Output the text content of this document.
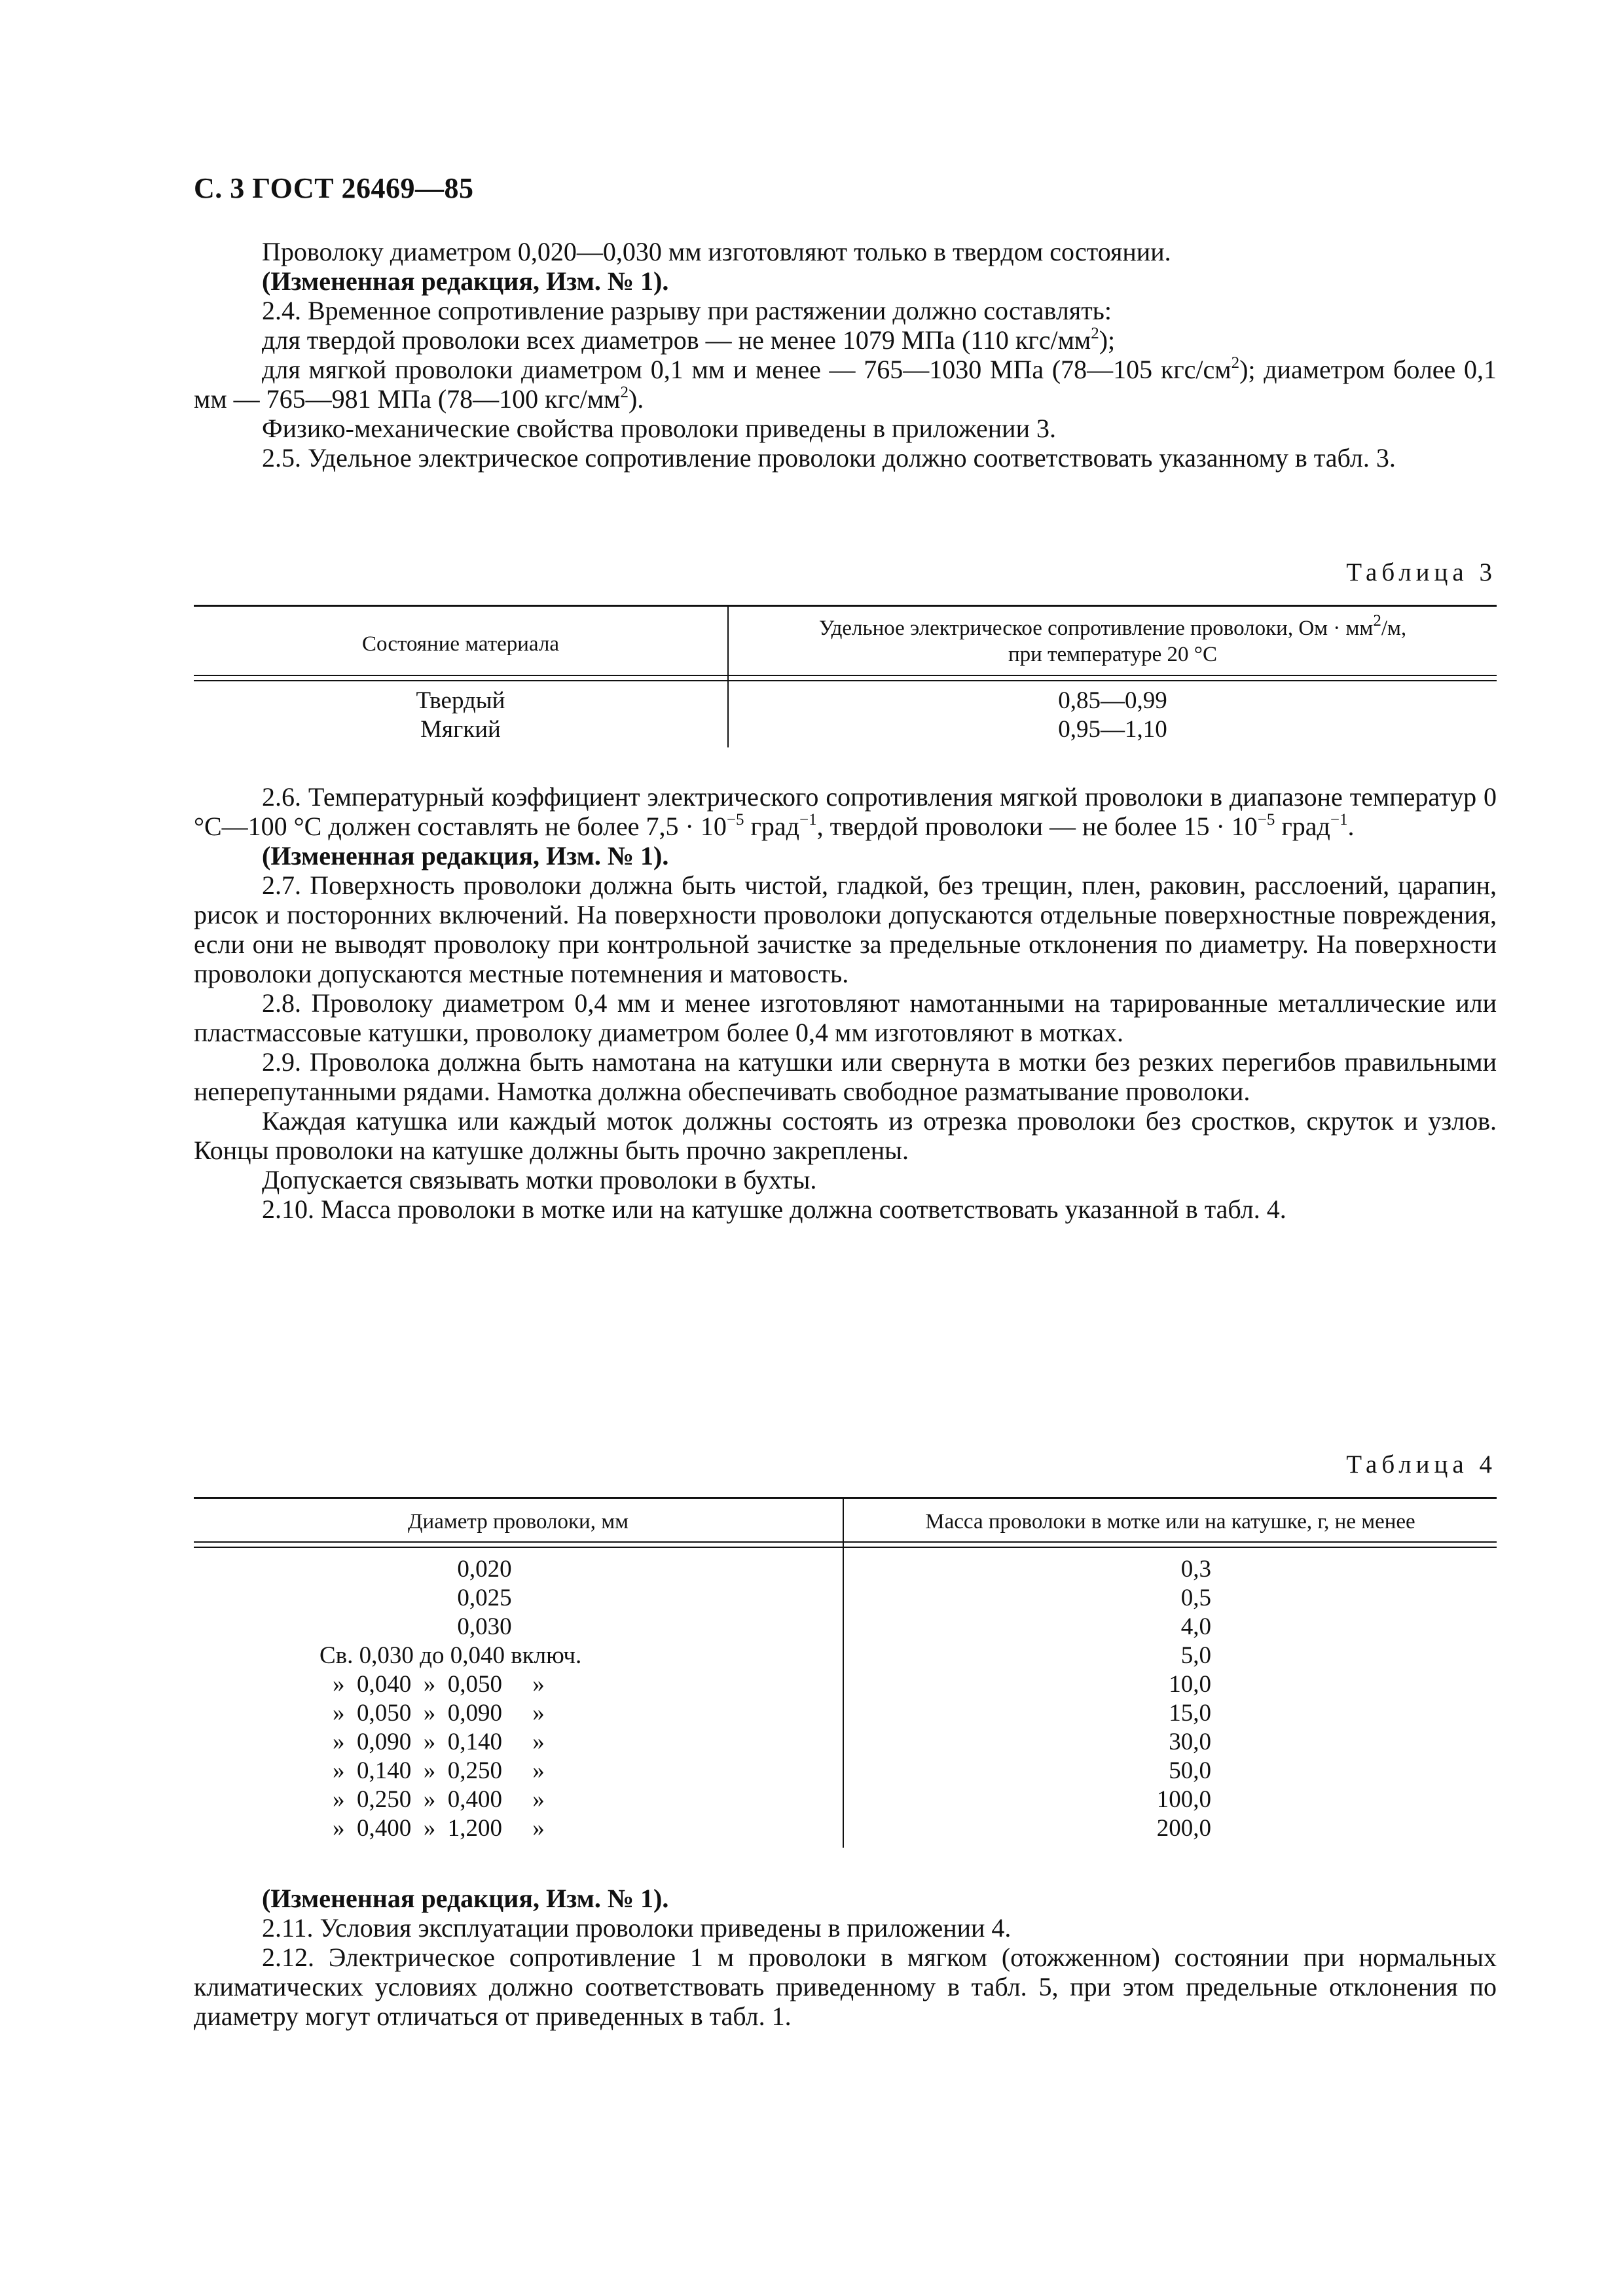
С. 3 ГОСТ 26469—85

Проволоку диаметром 0,020—0,030 мм изготовляют только в твердом состоянии.

(Измененная редакция, Изм. № 1).

2.4. Временное сопротивление разрыву при растяжении должно составлять:

для твердой проволоки всех диаметров — не менее 1079 МПа (110 кгс/$мм^2$);

для мягкой проволоки диаметром 0,1 мм и менее — 765—1030 МПа (78—105 кгс/$см^2$); диаметром более 0,1 мм — 765—981 МПа (78—100 кгс/$мм^2$).

Физико-механические свойства проволоки приведены в приложении 3.

2.5. Удельное электрическое сопротивление проволоки должно соответствовать указанному в табл. 3.

Таблица 3
Состояние материала
Удельное электрическое сопротивление проволоки, Ом · $мм^2/м$,
при температуре 20 °С
Твердый	0,85—0,99
Мягкий	0,95—1,10

2.6. Температурный коэффициент электрического сопротивления мягкой проволоки в диапазоне температур 0 °С—100 °С должен составлять не более $7,5 \cdot 10^{-5}$ град$^{-1}$, твердой проволоки — не более $15 \cdot 10^{-5}$ град$^{-1}$.

(Измененная редакция, Изм. № 1).

2.7. Поверхность проволоки должна быть чистой, гладкой, без трещин, плен, раковин, расслоений, царапин, рисок и посторонних включений. На поверхности проволоки допускаются отдельные поверхностные повреждения, если они не выводят проволоку при контрольной зачистке за предельные отклонения по диаметру. На поверхности проволоки допускаются местные потемнения и матовость.

2.8. Проволоку диаметром 0,4 мм и менее изготовляют намотанными на тарированные металлические или пластмассовые катушки, проволоку диаметром более 0,4 мм изготовляют в мотках.

2.9. Проволока должна быть намотана на катушки или свернута в мотки без резких перегибов правильными неперепутанными рядами. Намотка должна обеспечивать свободное разматывание проволоки.

Каждая катушка или каждый моток должны состоять из отрезка проволоки без сростков, скруток и узлов. Концы проволоки на катушке должны быть прочно закреплены.

Допускается связывать мотки проволоки в бухты.

2.10. Масса проволоки в мотке или на катушке должна соответствовать указанной в табл. 4.

Таблица 4
Диаметр проволоки, мм	Масса проволоки в мотке или на катушке, г, не менее
0,020	0,3
0,025	0,5
0,030	4,0
Св. 0,030 до 0,040 включ.	5,0
»  0,040  »  0,050     »	10,0
»  0,050  »  0,090     »	15,0
»  0,090  »  0,140     »	30,0
»  0,140  »  0,250     »	50,0
»  0,250  »  0,400     »	100,0
»  0,400  »  1,200     »	200,0

(Измененная редакция, Изм. № 1).

2.11. Условия эксплуатации проволоки приведены в приложении 4.

2.12. Электрическое сопротивление 1 м проволоки в мягком (отожженном) состоянии при нормальных климатических условиях должно соответствовать приведенному в табл. 5, при этом предельные отклонения по диаметру могут отличаться от приведенных в табл. 1.
